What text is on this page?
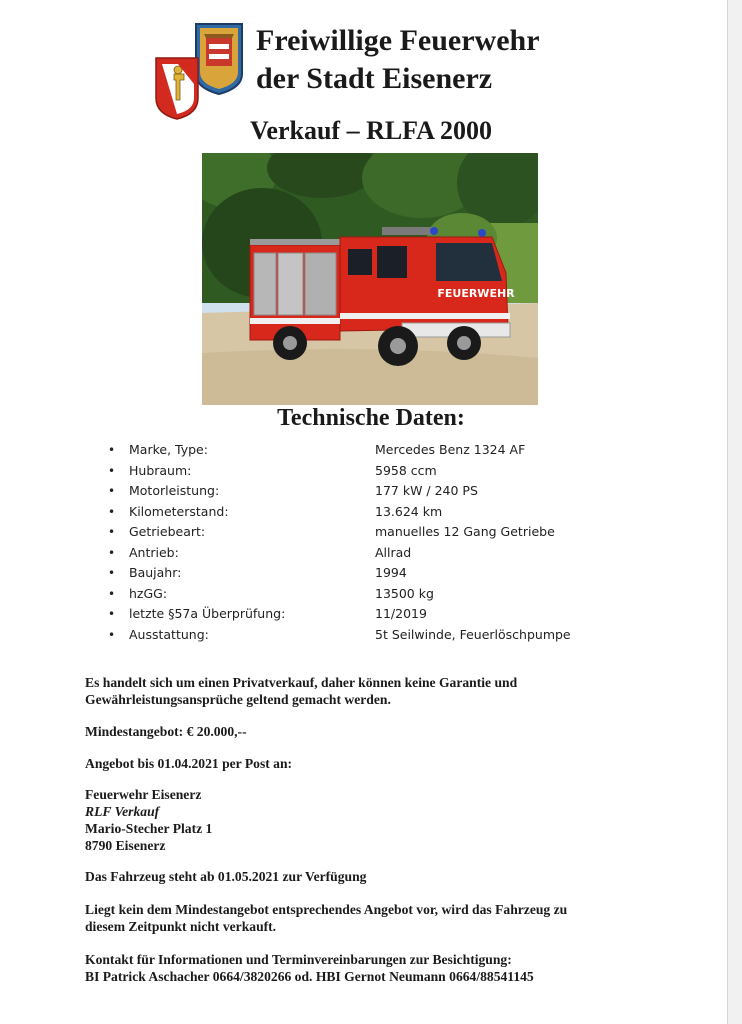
Freiwillige Feuerwehr
der Stadt Eisenerz
Verkauf – RLFA 2000
FEUERWEHR
Technische Daten:
• Marke, Type:	Mercedes Benz 1324 AF
• Hubraum:	5958 ccm
• Motorleistung:	177 kW / 240 PS
• Kilometerstand:	13.624 km
• Getriebeart:	manuelles 12 Gang Getriebe
• Antrieb:	Allrad
• Baujahr:	1994
• hzGG:	13500 kg
• letzte §57a Überprüfung:	11/2019
• Ausstattung:	5t Seilwinde, Feuerlöschpumpe
Es handelt sich um einen Privatverkauf, daher können keine Garantie und
Gewährleistungsansprüche geltend gemacht werden.
Mindestangebot: € 20.000,--
Angebot bis 01.04.2021 per Post an:
Feuerwehr Eisenerz
RLF Verkauf
Mario-Stecher Platz 1
8790 Eisenerz
Das Fahrzeug steht ab 01.05.2021 zur Verfügung
Liegt kein dem Mindestangebot entsprechendes Angebot vor, wird das Fahrzeug zu
diesem Zeitpunkt nicht verkauft.
Kontakt für Informationen und Terminvereinbarungen zur Besichtigung:
BI Patrick Aschacher 0664/3820266 od. HBI Gernot Neumann 0664/88541145
